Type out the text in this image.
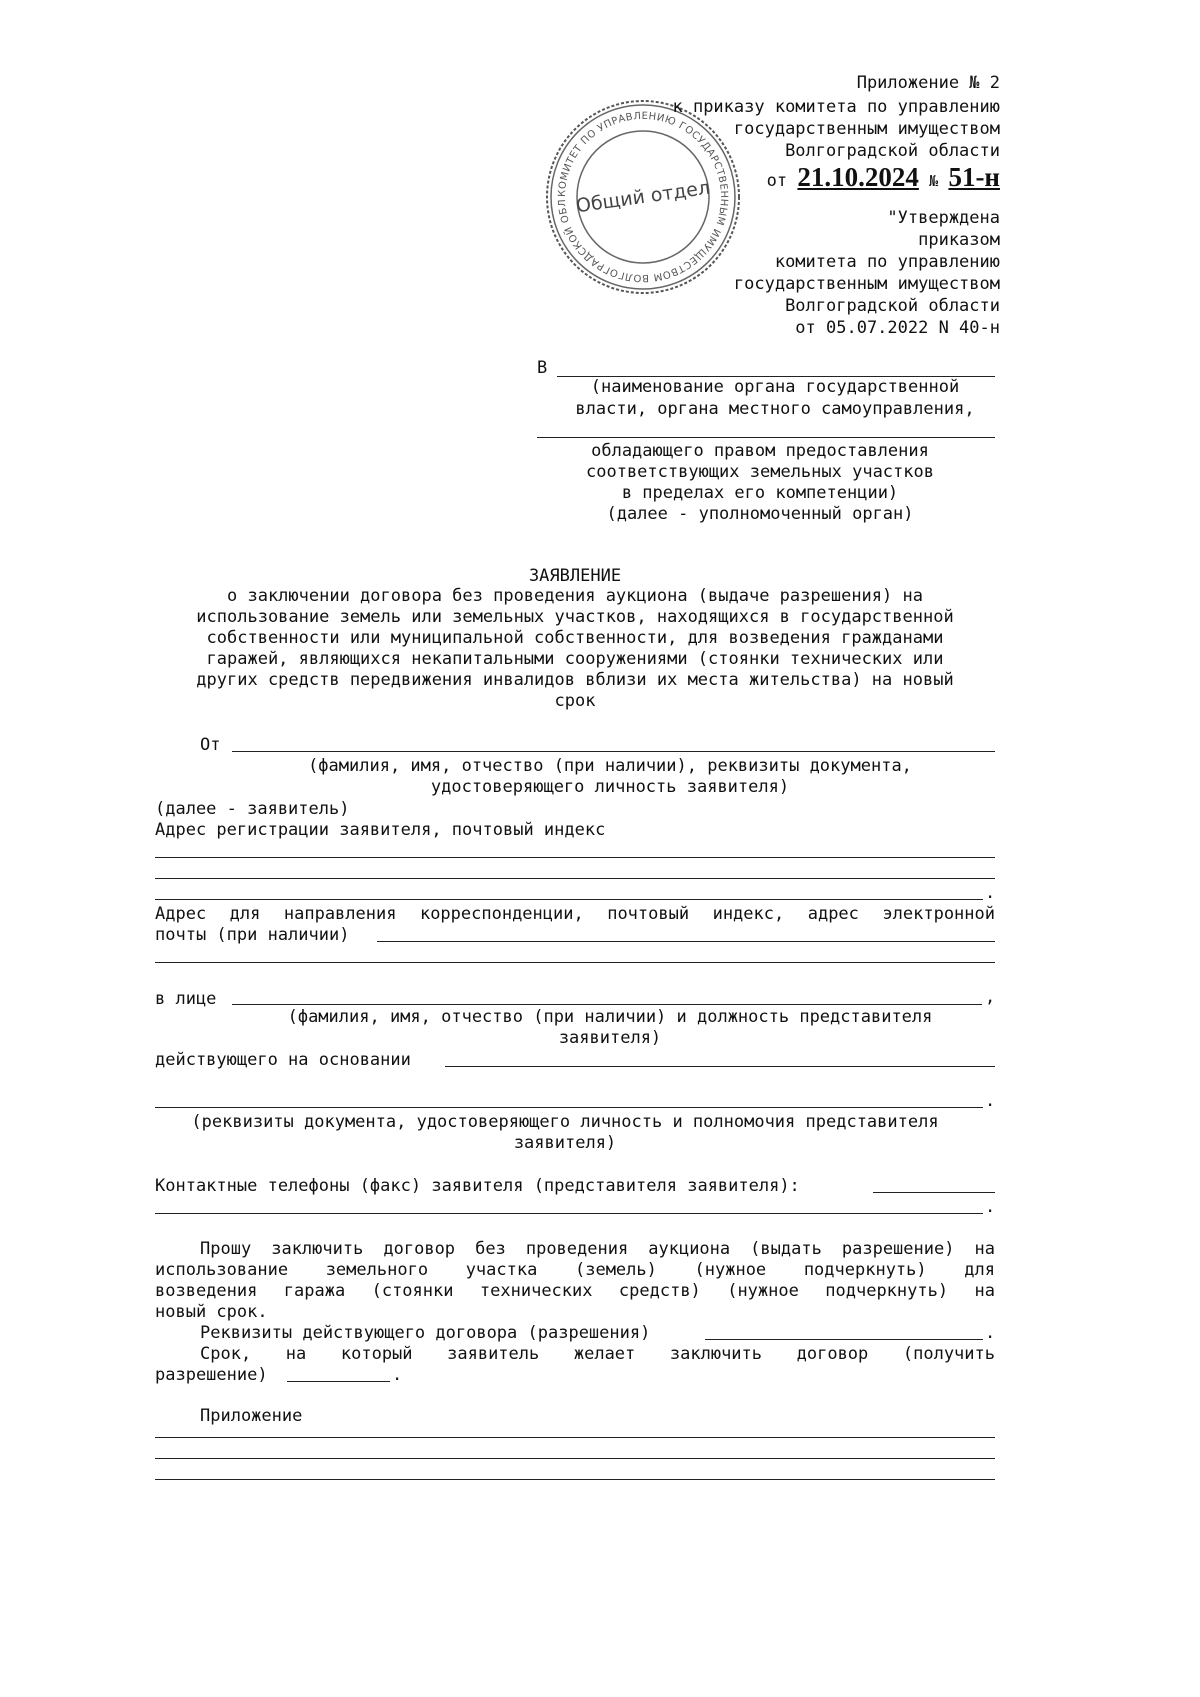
КОМИТЕТ ПО УПРАВЛЕНИЮ ГОСУДАРСТВЕННЫМ ИМУЩЕСТВОМ ВОЛГОГРАДСКОЙ ОБЛ Общий отдел
Приложение № 2
к приказу комитета по управлению
государственным имуществом
Волгоградской области
от 21.10.2024 № 51-н
"Утверждена
приказом
комитета по управлению
государственным имуществом
Волгоградской области
от 05.07.2022 N 40-н
В
(наименование органа государственной
власти, органа местного самоуправления,
обладающего правом предоставления
соответствующих земельных участков
в пределах его компетенции)
(далее - уполномоченный орган)
ЗАЯВЛЕНИЕ
о заключении договора без проведения аукциона (выдаче разрешения) на
использование земель или земельных участков, находящихся в государственной
собственности или муниципальной собственности, для возведения гражданами
гаражей, являющихся некапитальными сооружениями (стоянки технических или
других средств передвижения инвалидов вблизи их места жительства) на новый
срок
От
(фамилия, имя, отчество (при наличии), реквизиты документа,
удостоверяющего личность заявителя)
(далее - заявитель)
Адрес регистрации заявителя, почтовый индекс
.
Адрес для направления корреспонденции, почтовый индекс, адрес электронной
почты (при наличии)
в лице	,
(фамилия, имя, отчество (при наличии) и должность представителя
заявителя)
действующего на основании
.
(реквизиты документа, удостоверяющего личность и полномочия представителя
заявителя)
Контактные телефоны (факс) заявителя (представителя заявителя):
.
Прошу заключить договор без проведения аукциона (выдать разрешение) на
использование земельного участка (земель) (нужное подчеркнуть) для
возведения гаража (стоянки технических средств) (нужное подчеркнуть) на
новый срок.
Реквизиты действующего договора (разрешения)	.
Срок, на который заявитель желает заключить договор (получить
разрешение)	.
Приложение
